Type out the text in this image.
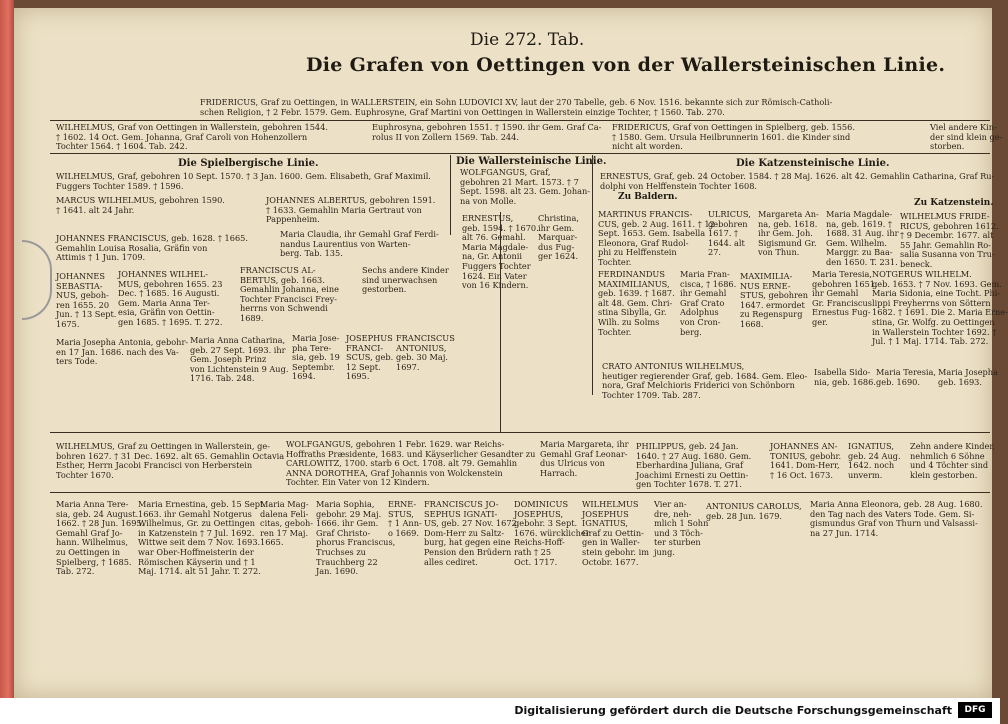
Die 272. Tab.
Die Grafen von Oettingen von der Wallersteinischen Linie.
FRIDERICUS, Graf zu Oettingen, in WALLERSTEIN, ein Sohn LUDOVICI XV, laut der 270 Tabelle, geb. 6 Nov. 1516. bekannte sich zur Römisch-Catholi-
schen Religion, † 2 Febr. 1579. Gem. Euphrosyne, Graf Martini von Oettingen in Wallerstein einzige Tochter, † 1560. Tab. 270.
WILHELMUS, Graf von Oettingen in Wallerstein, gebohren 1544.
† 1602. 14 Oct. Gem. Johanna, Graf Caroli von Hohenzollern
Tochter 1564. † 1604. Tab. 242.
Euphrosyna, gebohren 1551. † 1590. ihr Gem. Graf Ca-
rolus II von Zollern 1569. Tab. 244.
FRIDERICUS, Graf von Oettingen in Spielberg, geb. 1556.
† 1580. Gem. Ursula Heilbrunnerin 1601. die Kinder sind
nicht alt worden.
Viel andere Kin-
der sind klein ge-
storben.
Die Spielbergische Linie.
WILHELMUS, Graf, gebohren 10 Sept. 1570. † 3 Jan. 1600. Gem. Elisabeth, Graf Maximil.
Fuggers Tochter 1589. † 1596.
MARCUS WILHELMUS, gebohren 1590.
† 1641. alt 24 Jahr.
JOHANNES ALBERTUS, gebohren 1591.
† 1633. Gemahlin Maria Gertraut von
Pappenheim.
JOHANNES FRANCISCUS, geb. 1628. † 1665.
Gemahlin Louisa Rosalia, Gräfin von
Attimis † 1 Jun. 1709.
Maria Claudia, ihr Gemahl Graf Ferdi-
nandus Laurentius von Warten-
berg. Tab. 135.
JOHANNES
SEBASTIA-
NUS, geboh-
ren 1655. 20
Jun. † 13 Sept.
1675.
JOHANNES WILHEL-
MUS, gebohren 1655. 23
Dec. † 1685. 16 Augusti.
Gem. Maria Anna Ter-
esia, Gräfin von Oettin-
gen 1685. † 1695. T. 272.
FRANCISCUS AL-
BERTUS, geb. 1663.
Gemahlin Johanna, eine
Tochter Francisci Frey-
herrns von Schwendi
1689.
Sechs andere Kinder
sind unerwachsen
gestorben.
Maria Josepha Antonia, gebohr-
en 17 Jan. 1686. nach des Va-
ters Tode.
Maria Anna Catharina,
geb. 27 Sept. 1693. ihr
Gem. Joseph Prinz
von Lichtenstein 9 Aug.
1716. Tab. 248.
Maria Jose-
pha Tere-
sia, geb. 19
Septembr.
1694.
JOSEPHUS
FRANCI-
SCUS, geb.
12 Sept.
1695.
FRANCISCUS
ANTONIUS,
geb. 30 Maj.
1697.
Die Wallersteinische Linie.
WOLFGANGUS, Graf,
gebohren 21 Mart. 1573. † 7
Sept. 1598. alt 23. Gem. Johan-
na von Molle.
ERNESTUS,
geb. 1594. † 1670.
alt 76. Gemahl.
Maria Magdale-
na, Gr. Antonii
Fuggers Tochter
1624. Ein Vater
von 16 Kindern.
Christina,
ihr Gem.
Marquar-
dus Fug-
ger 1624.
Die Katzensteinische Linie.
ERNESTUS, Graf, geb. 24 October. 1584. † 28 Maj. 1626. alt 42. Gemahlin Catharina, Graf Ru-
dolphi von Helffenstein Tochter 1608.
Zu Baldern.
Zu Katzenstein.
MARTINUS FRANCIS-
CUS, geb. 2 Aug. 1611. †
Sept. 1653. Gem. Isabella
Eleonora, Graf Rudol-
phi zu Helffenstein
Tochter.
ULRICUS,
gebohren
1617. †
1644. alt
27.
Margareta An-
na, geb. 1618.
ihr Gem. Joh.
Sigismund Gr.
von Thun.
Maria Magdale-
na, geb. 1619. †
1688. 31 Aug. ihr
Gem. Wilhelm.
Marggr. zu Baa-
den 1650. T. 231.
WILHELMUS FRIDE-
RICUS, gebohren 1612.
† 9 Decembr. 1677. alt
55 Jahr. Gemahlin Ro-
salia Susanna von Tru-
beneck.
FERDINANDUS
MAXIMILIANUS,
geb. 1639. † 1687.
alt 48. Gem. Chri-
stina Sibylla, Gr.
Wilh. zu Solms
Tochter.
Maria Fran-
cisca, † 1686.
ihr Gemahl
Graf Crato
Adolphus
von Cron-
berg.
MAXIMILIA-
NUS ERNE-
STUS, gebohren
1647. ermordet
zu Regenspurg
1668.
Maria Teresia,
gebohren 1651.
ihr Gemahl
Gr. Franciscus
Ernestus Fug-
ger.
NOTGERUS WILHELM.
geb. 1653. † 7 Nov. 1693. Gem.
Maria Sidonia, eine Tocht. Phi-
lippi Freyherrns von Söttern
1682. † 1691. Die 2. Maria Erne-
stina, Gr. Wolfg. zu Oettingen
in Wallerstein Tochter 1692. †
Jul. † 1 Maj. 1714. Tab. 272.
CRATO ANTONIUS WILHELMUS,
heutiger regierender Graf, geb. 1684. Gem. Eleo-
nora, Graf Melchioris Friderici von Schönborn
Tochter 1709. Tab. 287.
Isabella Sido-
nia, geb. 1686.
Maria Teresia,
geb. 1690.
Maria Josepha
geb. 1693.
WILHELMUS, Graf zu Oettingen in Wallerstein, ge-
bohren 1627. † 31 Dec. 1692. alt 65. Gemahlin Octavia
Esther, Herrn Jacobi Francisci von Herberstein
Tochter 1670.
WOLFGANGUS, gebohren 1 Febr. 1629. war Reichs-
Hoffraths Præsidente, 1683. und Käyserlicher Gesandter zu
CARLOWITZ, 1700. starb 6 Oct. 1708. alt 79. Gemahlin
ANNA DOROTHEA, Graf Johannis von Wolckenstein
Tochter. Ein Vater von 12 Kindern.
Maria Margareta, ihr
Gemahl Graf Leonar-
dus Ulricus von
Harrach.
PHILIPPUS, geb. 24 Jan.
1640. † 27 Aug. 1680. Gem.
Eberhardina Juliana, Graf
Joachimi Ernesti zu Oettin-
gen Tochter 1678. T. 271.
JOHANNES AN-
TONIUS, gebohr.
1641. Dom-Herr,
† 16 Oct. 1673.
IGNATIUS,
geb. 24 Aug.
1642. noch
unverm.
Zehn andere Kinder,
nehmlich 6 Söhne
und 4 Töchter sind
klein gestorben.
Maria Anna Tere-
sia, geb. 24 August.
1662. † 28 Jun. 1695.
Gemahl Graf Jo-
hann. Wilhelmus,
zu Oettingen in
Spielberg, † 1685.
Tab. 272.
Maria Ernestina, geb. 15 Sept.
1663. ihr Gemahl Notgerus
Wilhelmus, Gr. zu Oettingen
in Katzenstein † 7 Jul. 1692.
Wittwe seit dem 7 Nov. 1693.
war Ober-Hoffmeisterin der
Römischen Käyserin und † 1
Maj. 1714. alt 51 Jahr. T. 272.
Maria Mag-
dalena Feli-
citas, geboh-
ren 17 Maj.
1665.
Maria Sophia,
gebohr. 29 Maj.
1666. ihr Gem.
Graf Christo-
phorus Franciscus,
Truchses zu
Trauchberg 22
Jan. 1690.
ERNE-
STUS,
† 1 Ann-
o 1669.
FRANCISCUS JO-
SEPHUS IGNATI-
US, geb. 27 Nov. 1672.
Dom-Herr zu Saltz-
burg, hat gegen eine
Pension den Brüdern
alles cediret.
DOMINICUS
JOSEPHUS,
gebohr. 3 Sept.
1676. würcklicher
Reichs-Hoff-
rath † 25
Oct. 1717.
WILHELMUS
JOSEPHUS
IGNATIUS,
Graf zu Oettin-
gen in Waller-
stein gebohr. im
Octobr. 1677.
Vier an-
dre, neh-
mlich 1 Sohn
und 3 Töch-
ter sturben
jung.
ANTONIUS CAROLUS,
geb. 28 Jun. 1679.
Maria Anna Eleonora, geb. 28 Aug. 1680.
den Tag nach des Vaters Tode. Gem. Si-
gismundus Graf von Thurn und Valsassi-
na 27 Jun. 1714.
Digitalisierung gefördert durch die Deutsche Forschungsgemeinschaft	DFG
